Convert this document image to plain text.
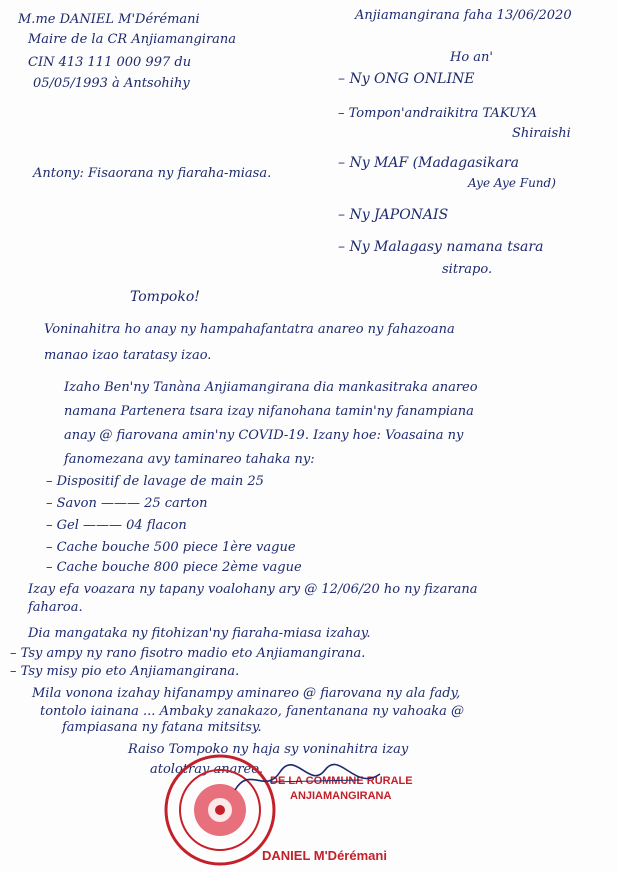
M.me DANIEL M'Dérémani
Maire de la CR Anjiamangirana
CIN 413 111 000 997 du
05/05/1993 à Antsohihy
Anjiamangirana faha 13/06/2020
Ho an'
– Ny ONG ONLINE
– Tompon'andraikitra TAKUYA
Shiraishi
– Ny MAF (Madagasikara
Aye Aye Fund)
– Ny JAPONAIS
– Ny Malagasy namana tsara
sitrapo.
Antony: Fisaorana ny fiaraha-miasa.
Tompoko!
Voninahitra ho anay ny hampahafantatra anareo ny fahazoana
manao izao taratasy izao.
Izaho Ben'ny Tanàna Anjiamangirana dia mankasitraka anareo
namana Partenera tsara izay nifanohana tamin'ny fanampiana
anay @ fiarovana amin'ny COVID-19. Izany hoe: Voasaina ny
fanomezana avy taminareo tahaka ny:
– Dispositif de lavage de main 25
– Savon ——— 25 carton
– Gel ——— 04 flacon
– Cache bouche 500 piece 1ère vague
– Cache bouche 800 piece 2ème vague
Izay efa voazara ny tapany voalohany ary @ 12/06/20 ho ny fizarana
faharoa.
Dia mangataka ny fitohizan'ny fiaraha-miasa izahay.
– Tsy ampy ny rano fisotro madio eto Anjiamangirana.
– Tsy misy pio eto Anjiamangirana.
Mila vonona izahay hifanampy aminareo @ fiarovana ny ala fady,
tontolo iainana ... Ambaky zanakazo, fanentanana ny vahoaka @
fampiasana ny fatana mitsitsy.
Raiso Tompoko ny haja sy voninahitra izay
atolotray anareo.
DE LA COMMUNE RURALE
ANJIAMANGIRANA
DANIEL M'Dérémani
